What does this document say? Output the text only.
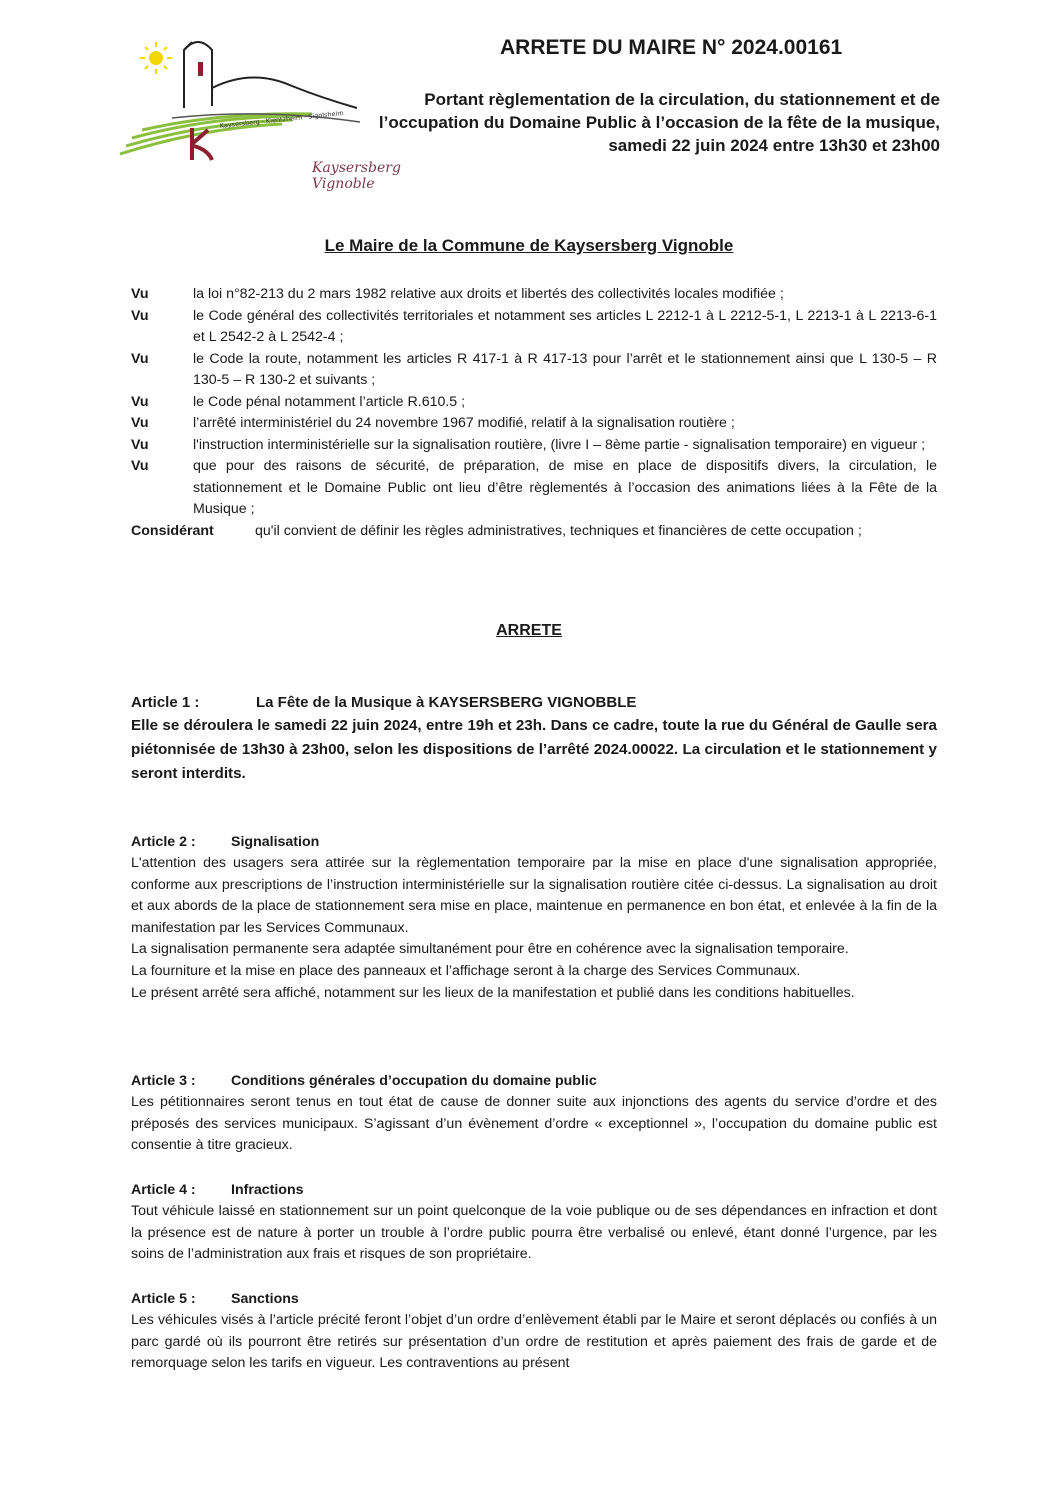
Kaysersberg · Kientzheim · Sigolsheim
Kaysersberg Vignoble
ARRETE DU MAIRE N° 2024.00161
Portant règlementation de la circulation, du stationnement et de l’occupation du Domaine Public à l’occasion de la fête de la musique, samedi 22 juin 2024 entre 13h30 et 23h00
Le Maire de la Commune de Kaysersberg Vignoble
Vu	la loi n°82-213 du 2 mars 1982 relative aux droits et libertés des collectivités locales modifiée ;
Vu	le Code général des collectivités territoriales et notamment ses articles L 2212-1 à L 2212-5-1, L 2213-1 à L 2213-6-1 et L 2542-2 à L 2542-4 ;
Vu	le Code la route, notamment les articles R 417-1 à R 417-13 pour l’arrêt et le stationnement ainsi que L 130-5 – R 130-5 – R 130-2 et suivants ;
Vu	le Code pénal notamment l’article R.610.5 ;
Vu	l’arrêté interministériel du 24 novembre 1967 modifié, relatif à la signalisation routière ;
Vu	l'instruction interministérielle sur la signalisation routière, (livre I – 8ème partie - signalisation temporaire) en vigueur ;
Vu	que pour des raisons de sécurité, de préparation, de mise en place de dispositifs divers, la circulation, le stationnement et le Domaine Public ont lieu d’être règlementés à l’occasion des animations liées à la Fête de la Musique ;
Considérant	qu'il convient de définir les règles administratives, techniques et financières de cette occupation ;
ARRETE
Article 1 :	La Fête de la Musique à KAYSERSBERG VIGNOBBLE
Elle se déroulera le samedi 22 juin 2024, entre 19h et 23h. Dans ce cadre, toute la rue du Général de Gaulle sera piétonnisée de 13h30 à 23h00, selon les dispositions de l’arrêté 2024.00022. La circulation et le stationnement y seront interdits.
Article 2 :	Signalisation

L'attention des usagers sera attirée sur la règlementation temporaire par la mise en place d'une signalisation appropriée, conforme aux prescriptions de l’instruction interministérielle sur la signalisation routière citée ci-dessus. La signalisation au droit et aux abords de la place de stationnement sera mise en place, maintenue en permanence en bon état, et enlevée à la fin de la manifestation par les Services Communaux.

La signalisation permanente sera adaptée simultanément pour être en cohérence avec la signalisation temporaire.

La fourniture et la mise en place des panneaux et l’affichage seront à la charge des Services Communaux.

Le présent arrêté sera affiché, notamment sur les lieux de la manifestation et publié dans les conditions habituelles.

Article 3 :	Conditions générales d’occupation du domaine public

Les pétitionnaires seront tenus en tout état de cause de donner suite aux injonctions des agents du service d’ordre et des préposés des services municipaux. S’agissant d’un évènement d’ordre « exceptionnel », l’occupation du domaine public est consentie à titre gracieux.

Article 4 :	Infractions

Tout véhicule laissé en stationnement sur un point quelconque de la voie publique ou de ses dépendances en infraction et dont la présence est de nature à porter un trouble à l’ordre public pourra être verbalisé ou enlevé, étant donné l’urgence, par les soins de l’administration aux frais et risques de son propriétaire.

Article 5 :	Sanctions

Les véhicules visés à l’article précité feront l’objet d’un ordre d’enlèvement établi par le Maire et seront déplacés ou confiés à un parc gardé où ils pourront être retirés sur présentation d’un ordre de restitution et après paiement des frais de garde et de remorquage selon les tarifs en vigueur. Les contraventions au présent
